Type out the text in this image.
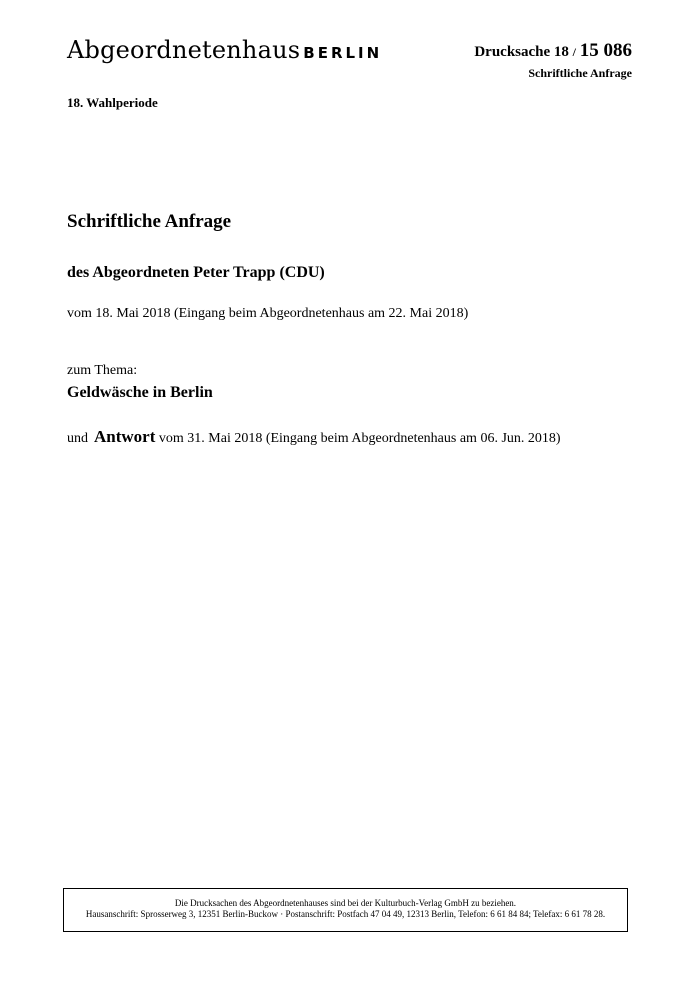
Abgeordnetenhaus BERLIN	Drucksache 18 / 15 086
Schriftliche Anfrage
18. Wahlperiode
Schriftliche Anfrage
des Abgeordneten Peter Trapp (CDU)
vom 18. Mai 2018 (Eingang beim Abgeordnetenhaus am 22. Mai 2018)
zum Thema:
Geldwäsche in Berlin
und Antwort vom 31. Mai 2018 (Eingang beim Abgeordnetenhaus am 06. Jun. 2018)
Die Drucksachen des Abgeordnetenhauses sind bei der Kulturbuch-Verlag GmbH zu beziehen.
Hausanschrift: Sprosserweg 3, 12351 Berlin-Buckow · Postanschrift: Postfach 47 04 49, 12313 Berlin, Telefon: 6 61 84 84; Telefax: 6 61 78 28.
